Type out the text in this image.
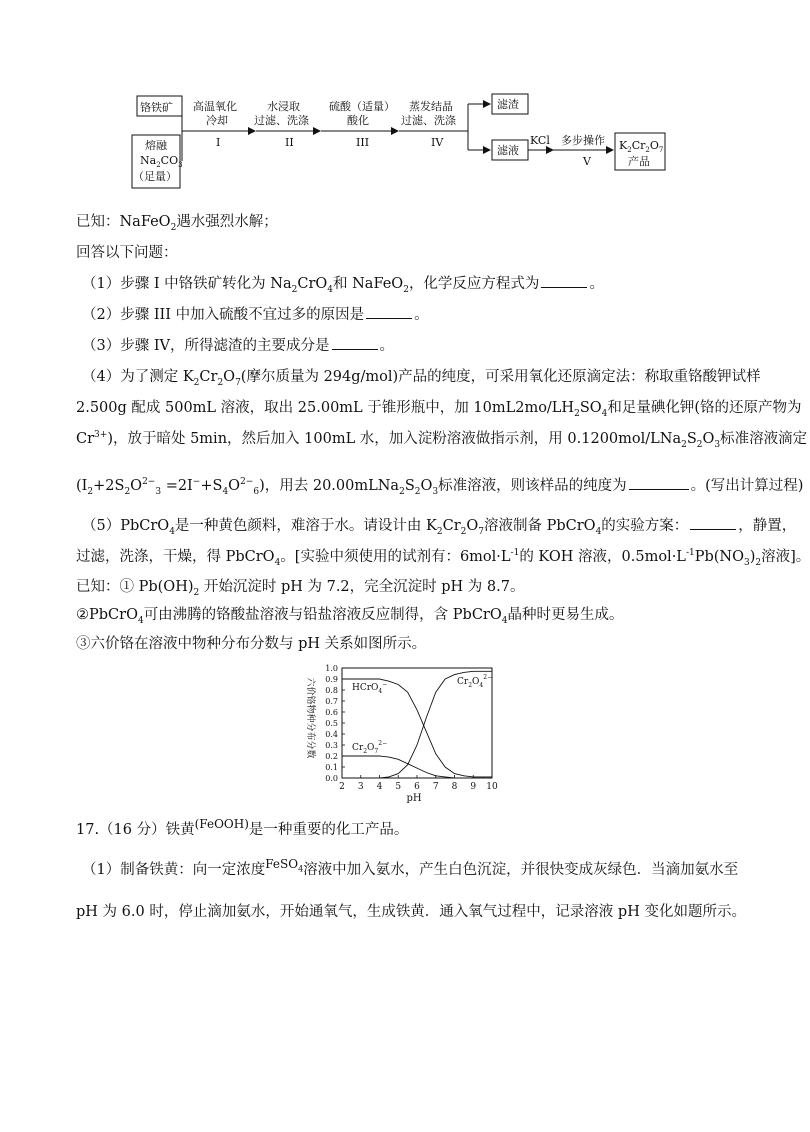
铬铁矿
熔融
$Na_2CO_3$
（足量）
高温氧化
冷却
I
水浸取
过滤、洗涤
II
硫酸（适量）
酸化
III
蒸发结晶
过滤、洗涤
IV
滤渣
滤液
KCl 多步操作
V
$K_2Cr_2O_7$
产品
已知：NaFeO$_2$遇水强烈水解；
回答以下问题：
（1）步骤 I 中铬铁矿转化为 $Na_2CrO_4$和 NaFeO$_2$，化学反应方程式为	。
（2）步骤 III 中加入硫酸不宜过多的原因是	。
（3）步骤 IV，所得滤渣的主要成分是	。
（4）为了测定 $K_2Cr_2O_7$(摩尔质量为 294g/mol)产品的纯度，可采用氧化还原滴定法：称取重铬酸钾试样
2.500g 配成 500mL 溶液，取出 25.00mL 于锥形瓶中，加 $10mL2mo/LH_2SO_4$和足量碘化钾(铬的还原产物为
$Cr^{3+}$)，放于暗处 5min，然后加入 100mL 水，加入淀粉溶液做指示剂，用 $0.1200mol/LNa_2S_2O_3$标准溶液滴定
$(I_2+2S_2O^{2-}_3 =2I^-+S_4O^{2-}_6)$，用去 $20.00mLNa_2S_2O_3$标准溶液，则该样品的纯度为	。(写出计算过程)
（5）PbCrO$_4$是一种黄色颜料，难溶于水。请设计由 $K_2Cr_2O_7$溶液制备 PbCrO$_4$的实验方案：	，静置，
过滤，洗涤，干燥，得 PbCrO$_4$。[实验中须使用的试剂有：$6mol\cdot L^{-1}$的 KOH 溶液，$0.5mol\cdot L^{-1}Pb(NO_3)_2$溶液]。
已知：① $Pb(OH)_2$ 开始沉淀时 pH 为 7.2，完全沉淀时 pH 为 8.7。
②PbCrO$_4$可由沸腾的铬酸盐溶液与铅盐溶液反应制得，含 PbCrO$_4$晶种时更易生成。
③六价铬在溶液中物种分布分数与 pH 关系如图所示。
六价铬物种分布分数
pH
HCrO$_4$−	$Cr_2O_4^{2-}$
$Cr_2O_7^{2-}$
2 3 4 5 6 7 8 9 10
0.0
0.1
0.2
0.3
0.4
0.5
0.6
0.7
0.8
0.9
1.0
17.（16 分）铁黄$^{(FeOOH)}$是一种重要的化工产品。
（1）制备铁黄：向一定浓度$^{FeSO_4}$溶液中加入氨水，产生白色沉淀，并很快变成灰绿色．当滴加氨水至
pH 为 6.0 时，停止滴加氨水，开始通氧气，生成铁黄．通入氧气过程中，记录溶液 pH 变化如题所示。
